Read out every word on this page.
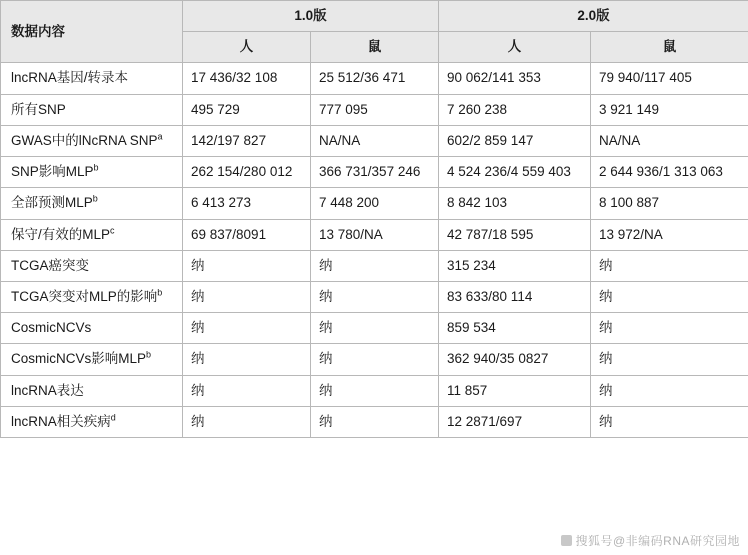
数据内容	1.0版		2.0版	
	人	鼠	人	鼠
lncRNA基因/转录本	17 436/32 108	25 512/36 471	90 062/141 353	79 940/117 405
所有SNP	495 729	777 095	7 260 238	3 921 149
GWAS中的lNcRNA SNP$^a$	142/197 827	NA/NA	602/2 859 147	NA/NA
SNP影响MLP$^b$	262 154/280 012	366 731/357 246	4 524 236/4 559 403	2 644 936/1 313 063
全部预测MLP$^b$	6 413 273	7 448 200	8 842 103	8 100 887
保守/有效的MLP$^c$	69 837/8091	13 780/NA	42 787/18 595	13 972/NA
TCGA癌突变	纳	纳	315 234	纳
TCGA突变对MLP的影响$^b$	纳	纳	83 633/80 114	纳
CosmicNCVs	纳	纳	859 534	纳
CosmicNCVs影响MLP$^b$	纳	纳	362 940/35 0827	纳
lncRNA表达	纳	纳	11 857	纳
lncRNA相关疾病$^d$	纳	纳	12 2871/697	纳
搜狐号@非编码RNA研究园地
